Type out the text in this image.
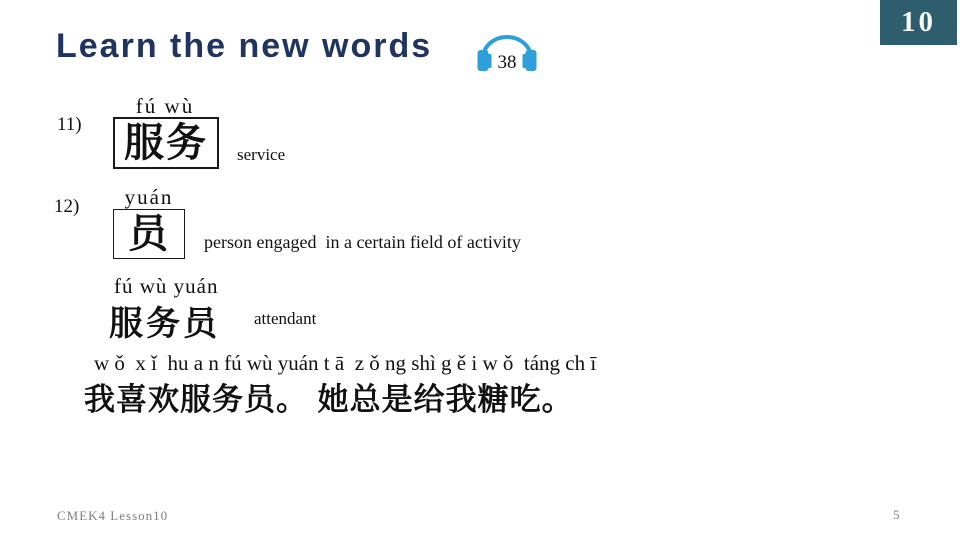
Learn the new words	38
10
11)
fú wù
服务 service
12)	yuán
员 person engaged  in a certain field of activity
fú wù yuán
服务员 attendant
w ǒ  x ǐ  hu a n fú wù yuán t ā  z ǒ ng shì g ě i w ǒ  táng ch ī
我喜欢服务员。 她总是给我糖吃。
CMEK4 Lesson10	5
